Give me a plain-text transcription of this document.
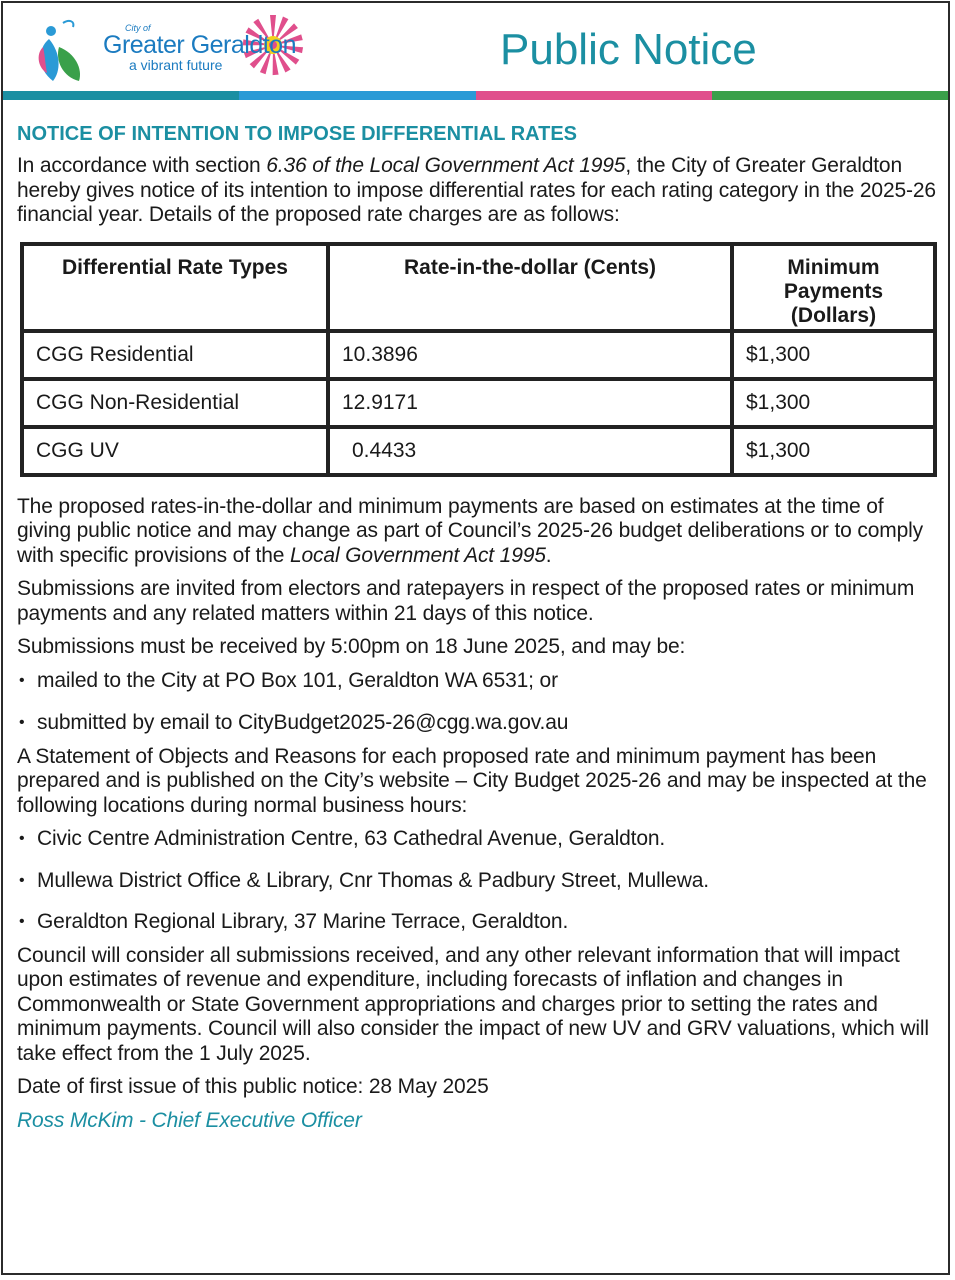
City of
Greater Geraldton
a vibrant future	Public Notice
NOTICE OF INTENTION TO IMPOSE DIFFERENTIAL RATES

In accordance with section 6.36 of the Local Government Act 1995, the City of Greater Geraldton hereby gives notice of its intention to impose differential rates for each rating category in the 2025-26 financial year. Details of the proposed rate charges are as follows:

Differential Rate Types	Rate-in-the-dollar (Cents)	Minimum Payments (Dollars)
CGG Residential	10.3896	$1,300
CGG Non-Residential	12.9171	$1,300
CGG UV	0.4433	$1,300

The proposed rates-in-the-dollar and minimum payments are based on estimates at the time of giving public notice and may change as part of Council’s 2025-26 budget deliberations or to comply with specific provisions of the Local Government Act 1995.

Submissions are invited from electors and ratepayers in respect of the proposed rates or minimum payments and any related matters within 21 days of this notice.

Submissions must be received by 5:00pm on 18 June 2025, and may be:

• mailed to the City at PO Box 101, Geraldton WA 6531; or

• submitted by email to CityBudget2025-26@cgg.wa.gov.au

A Statement of Objects and Reasons for each proposed rate and minimum payment has been prepared and is published on the City’s website – City Budget 2025-26 and may be inspected at the following locations during normal business hours:

• Civic Centre Administration Centre, 63 Cathedral Avenue, Geraldton.

• Mullewa District Office & Library, Cnr Thomas & Padbury Street, Mullewa.

• Geraldton Regional Library, 37 Marine Terrace, Geraldton.

Council will consider all submissions received, and any other relevant information that will impact upon estimates of revenue and expenditure, including forecasts of inflation and changes in Commonwealth or State Government appropriations and charges prior to setting the rates and minimum payments. Council will also consider the impact of new UV and GRV valuations, which will take effect from the 1 July 2025.

Date of first issue of this public notice: 28 May 2025

Ross McKim - Chief Executive Officer
